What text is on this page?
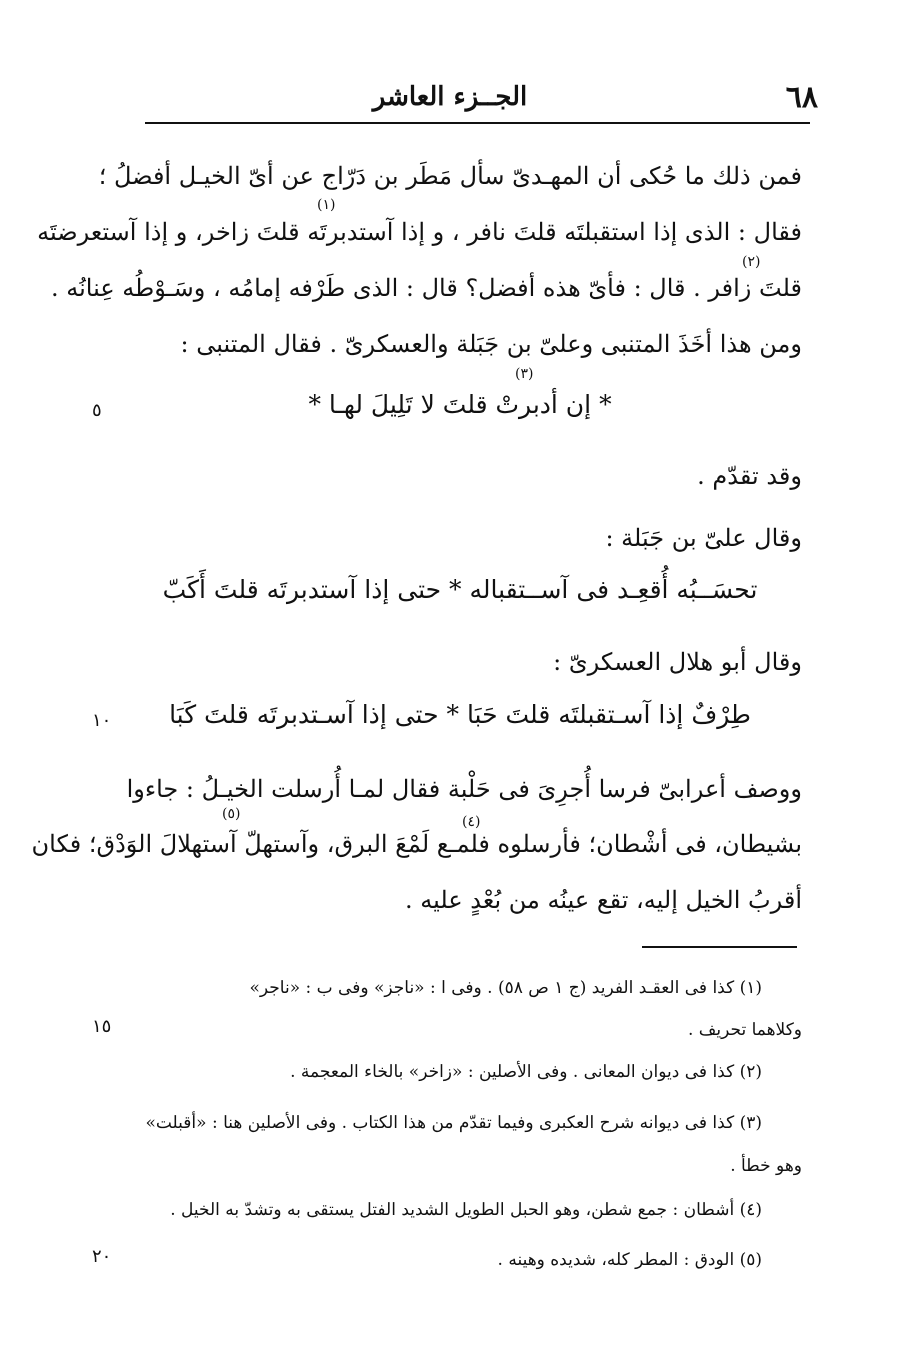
٦٨
الجــزء العاشر
فمن ذلك ما حُكى أن المهـدىّ سأل مَطَر بن دَرّاج عن أىّ الخيـل أفضلُ ؛
(١)
فقال : الذى إذا استقبلتَه قلتَ نافر ، و إذا آستدبرتَه قلتَ زاخر، و إذا آستعرضتَه
(٢)
قلتَ زافر . قال : فأىّ هذه أفضل؟ قال : الذى طَرْفه إمامُه ، وسَـوْطُه عِنانُه .
ومن هذا أخَذَ المتنبى وعلىّ بن جَبَلة والعسكرىّ . فقال المتنبى :
(٣)
* إن أدبرتْ قلتَ لا تَلِيلَ لهـا *
٥
وقد تقدّم .
وقال علىّ بن جَبَلة :
تحسَــبُه أُقعِـد فى آســتقباله * حتى إذا آستدبرتَه قلتَ أَكَبّ
وقال أبو هلال العسكرىّ :
طِرْفٌ إذا آسـتقبلتَه قلتَ حَبَا * حتى إذا آسـتدبرتَه قلتَ كَبَا
١٠
ووصف أعرابىّ فرسا أُجرِىَ فى حَلْبة فقال لمـا أُرسلت الخيـلُ : جاءوا
(٤)
(٥)
بشيطان، فى أشْطان؛ فأرسلوه فلمـع لَمْعَ البرق، وآستهلّ آستهلالَ الوَدْق؛ فكان
أقربُ الخيل إليه، تقع عينُه من بُعْدٍ عليه .
(١) كذا فى العقـد الفريد (ج ١ ص ٥٨) . وفى ا : «ناجز» وفى ب : «ناجر»
وكلاهما تحريف .
١٥
(٢) كذا فى ديوان المعانى . وفى الأصلين : «زاخر» بالخاء المعجمة .
(٣) كذا فى ديوانه شرح العكبرى وفيما تقدّم من هذا الكتاب . وفى الأصلين هنا : «أقبلت»
وهو خطأ .
(٤) أشطان : جمع شطن، وهو الحبل الطويل الشديد الفتل يستقى به وتشدّ به الخيل .
(٥) الودق : المطر كله، شديده وهينه .
٢٠
